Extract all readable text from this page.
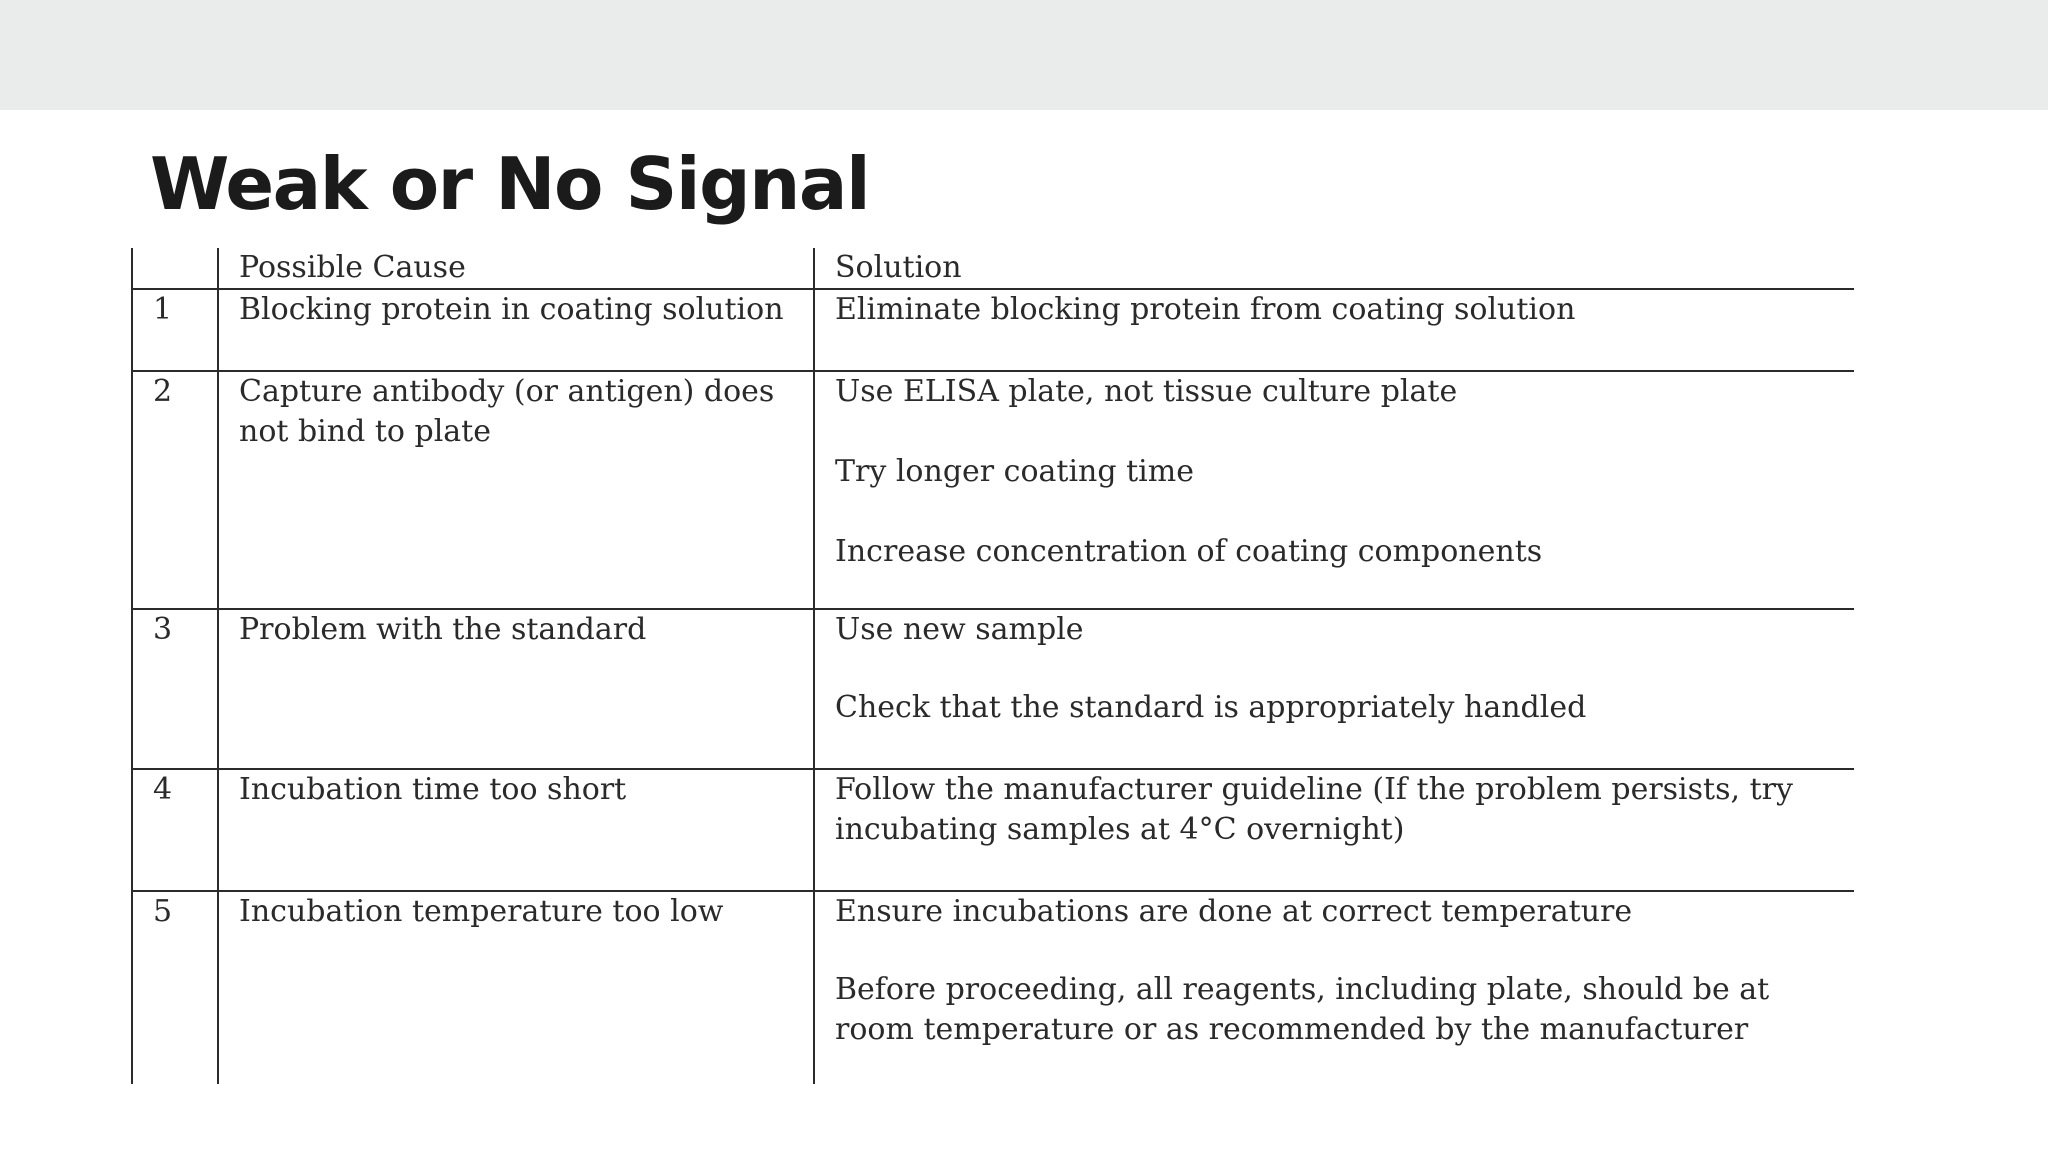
Weak or No Signal
	Possible Cause	Solution
1	Blocking protein in coating solution	Eliminate blocking protein from coating solution

2	Capture antibody (or antigen) does not bind to plate	Use ELISA plate, not tissue culture plate
Try longer coating time
Increase concentration of coating components

3	Problem with the standard	Use new sample
Check that the standard is appropriately handled

4	Incubation time too short	Follow the manufacturer guideline (If the problem persists, try incubating samples at 4°C overnight)

5	Incubation temperature too low	Ensure incubations are done at correct temperature
Before proceeding, all reagents, including plate, should be at room temperature or as recommended by the manufacturer
